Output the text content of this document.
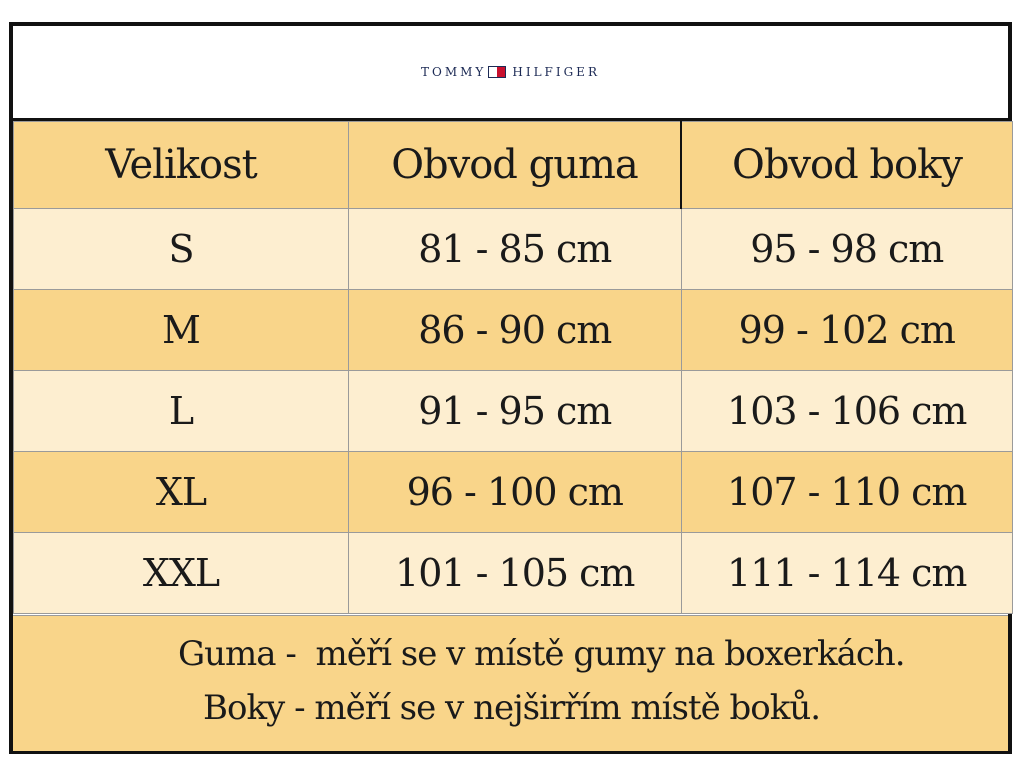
TOMMY HILFIGER
Velikost	Obvod guma	Obvod boky
S	81 - 85 cm	95 - 98 cm
M	86 - 90 cm	99 - 102 cm
L	91 - 95 cm	103 - 106 cm
XL	96 - 100 cm	107 - 110 cm
XXL	101 - 105 cm	111 - 114 cm
Guma -  měří se v místě gumy na boxerkách.
Boky - měří se v nejširřím místě boků.
